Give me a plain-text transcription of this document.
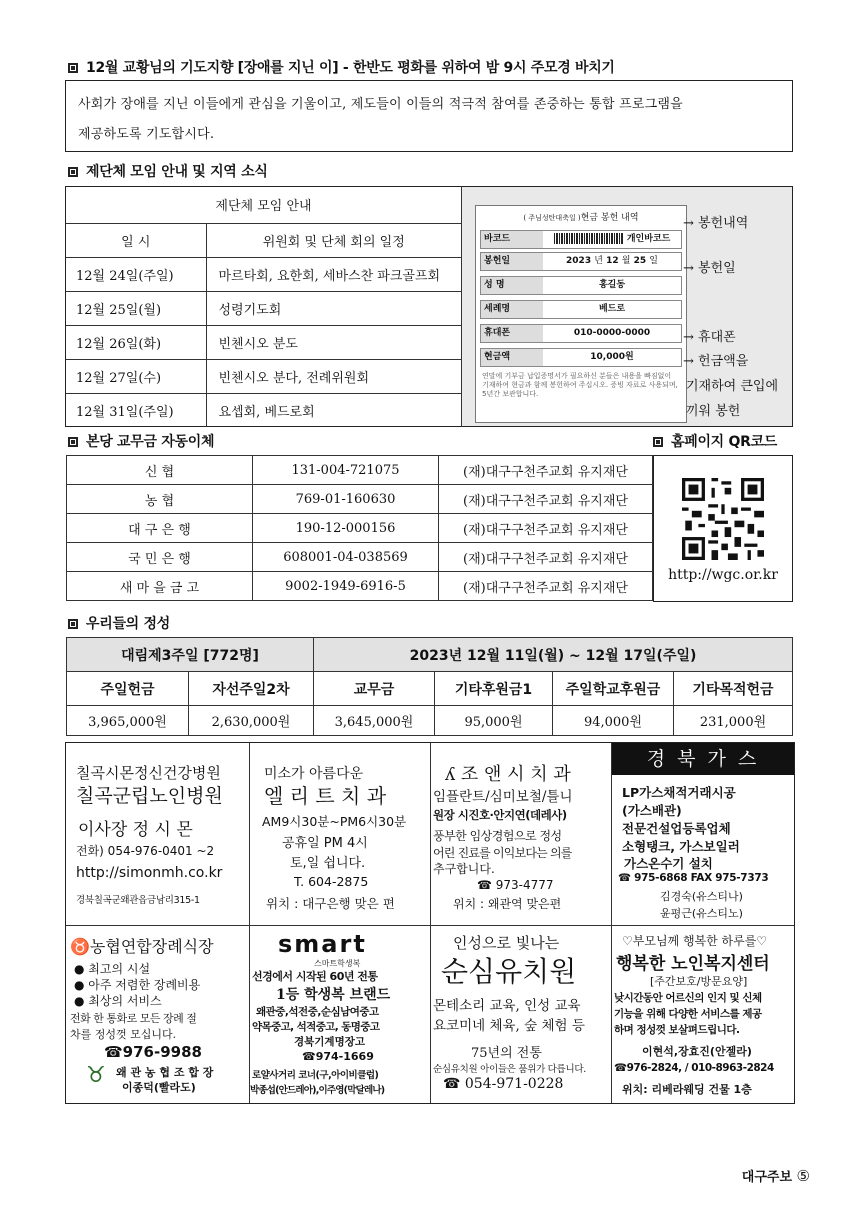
12월 교황님의 기도지향 [장애를 지닌 이] - 한반도 평화를 위하여 밤 9시 주모경 바치기
사회가 장애를 지닌 이들에게 관심을 기울이고, 제도들이 이들의 적극적 참여를 존중하는 통합 프로그램을
제공하도록 기도합시다.
제단체 모임 안내 및 지역 소식
제단체 모임 안내	
일 시	위원회 및 단체 회의 일정
12월 24일(주일)	마르타회, 요한회, 세바스찬 파크골프회
12월 25일(월)	성령기도회
12월 26일(화)	빈첸시오 분도
12월 27일(수)	빈첸시오 분다, 전례위원회
12월 31일(주일)	요셉회, 베드로회
( 주님성탄대축일 )현금 봉헌 내역
바코드	개인바코드
봉헌일	2023 년 12 월 25 일
성 명	홍길동
세례명	베드로
휴대폰	010-0000-0000
현금액	10,000원
연말에 기부금 납입증명서가 필요하신 분들은 내용을 빠짐없이 기재하여 현금과 함께 봉헌하여 주십시오. 증빙 자료로 사용되며, 5년간 보관합니다.
→ 봉헌내역
→ 봉헌일
→ 휴대폰
→ 헌금액을
기재하여 큰입에
끼워 봉헌
본당 교무금 자동이체	홈페이지 QR코드
신 협	131-004-721075	(재)대구구천주교회 유지재단
농 협	769-01-160630	(재)대구구천주교회 유지재단
대 구 은 행	190-12-000156	(재)대구구천주교회 유지재단
국 민 은 행	608001-04-038569	(재)대구구천주교회 유지재단
새 마 을 금 고	9002-1949-6916-5	(재)대구구천주교회 유지재단
http://wgc.or.kr
우리들의 정성
대림제3주일 [772명]		2023년 12월 11일(월) ~ 12월 17일(주일)			
주일헌금	자선주일2차	교무금	기타후원금1	주일학교후원금	기타목적헌금
3,965,000원	2,630,000원	3,645,000원	95,000원	94,000원	231,000원
칠곡시몬정신건강병원
칠곡군립노인병원
이사장 정 시 몬
전화) 054-976-0401 ~2
http://simonmh.co.kr
경북칠곡군왜관읍금남리315-1
미소가 아름다운
엘 리 트 치 과
AM9시30분~PM6시30분
공휴일 PM 4시
토,일 쉽니다.
T. 604-2875
위치 : 대구은행 맞은 편
ʎ 조 앤 시 치 과
임플란트/심미보철/틀니
원장 시진호·안지연(데레사)
풍부한 임상경험으로 정성
어린 진료를 이익보다는 의를
추구합니다.
☎ 973-4777
위치 : 왜관역 맞은편
경 북 가 스
LP가스채적거래시공
(가스배관)
전문건설업등록업체
소형탱크, 가스보일러
가스온수기 설치
☎ 975-6868 FAX 975-7373
김경숙(유스티나)
윤평근(유스티노)
♉농협연합장례식장
● 최고의 시설
● 아주 저렴한 장례비용
● 최상의 서비스
전화 한 통화로 모든 장례 절
차를 정성껏 모십니다.
☎976-9988
♉ 왜 관 농 협 조 합 장
이종덕(빨라도)
smart
스마트학생복
선경에서 시작된 60년 전통
1등 학생복 브랜드
왜관중,석전중,순심남여중고
약목중고, 석적중고, 동명중고
경북기계명장고
☎974-1669
로얄사거리 코너(구,아이비클럽)
박종섭(안드레아),이주영(막달레나)
인성으로 빛나는
순심유치원
몬테소리 교육, 인성 교육
요코미네 체육, 숲 체험 등
75년의 전통
순심유치원 아이들은 품위가 다릅니다.
☎ 054-971-0228
♡부모님께 행복한 하루를♡
행복한 노인복지센터
[주간보호/방문요양]
낮시간동안 어르신의 인지 및 신체
기능을 위해 다양한 서비스를 제공
하며 정성껏 보살펴드립니다.
이현석,장효진(안젤라)
☎976-2824, / 010-8963-2824
위치: 리베라웨딩 건물 1층
대구주보 ⑤
